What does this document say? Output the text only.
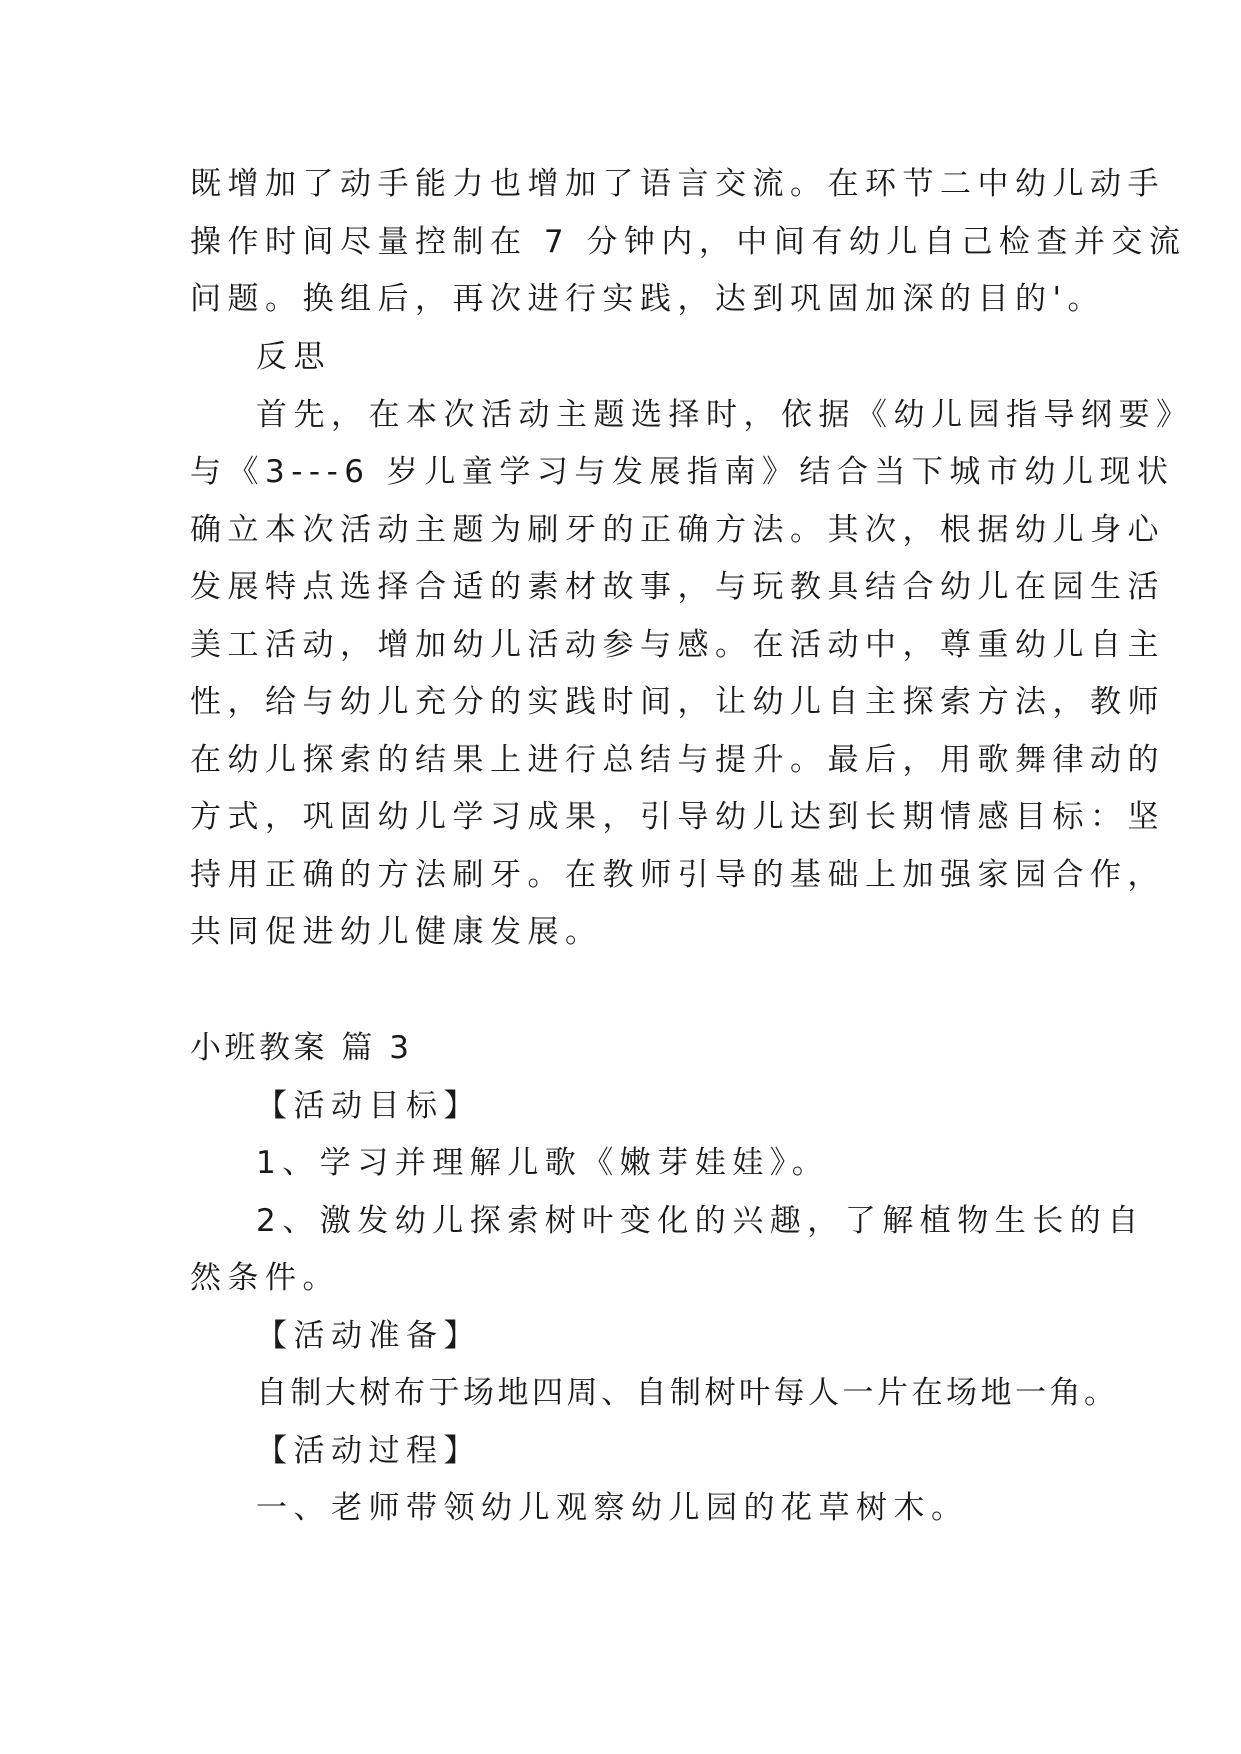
既增加了动手能力也增加了语言交流。在环节二中幼儿动手

操作时间尽量控制在 7 分钟内，中间有幼儿自己检查并交流

问题。换组后，再次进行实践，达到巩固加深的目的'。

反思

首先，在本次活动主题选择时，依据《幼儿园指导纲要》

与《3---6 岁儿童学习与发展指南》结合当下城市幼儿现状

确立本次活动主题为刷牙的正确方法。其次，根据幼儿身心

发展特点选择合适的素材故事，与玩教具结合幼儿在园生活

美工活动，增加幼儿活动参与感。在活动中，尊重幼儿自主

性，给与幼儿充分的实践时间，让幼儿自主探索方法，教师

在幼儿探索的结果上进行总结与提升。最后，用歌舞律动的

方式，巩固幼儿学习成果，引导幼儿达到长期情感目标：坚

持用正确的方法刷牙。在教师引导的基础上加强家园合作，

共同促进幼儿健康发展。

小班教案 篇 3

【活动目标】

1、学习并理解儿歌《嫩芽娃娃》。

2、激发幼儿探索树叶变化的兴趣，了解植物生长的自

然条件。

【活动准备】

自制大树布于场地四周、自制树叶每人一片在场地一角。

【活动过程】

一、老师带领幼儿观察幼儿园的花草树木。
